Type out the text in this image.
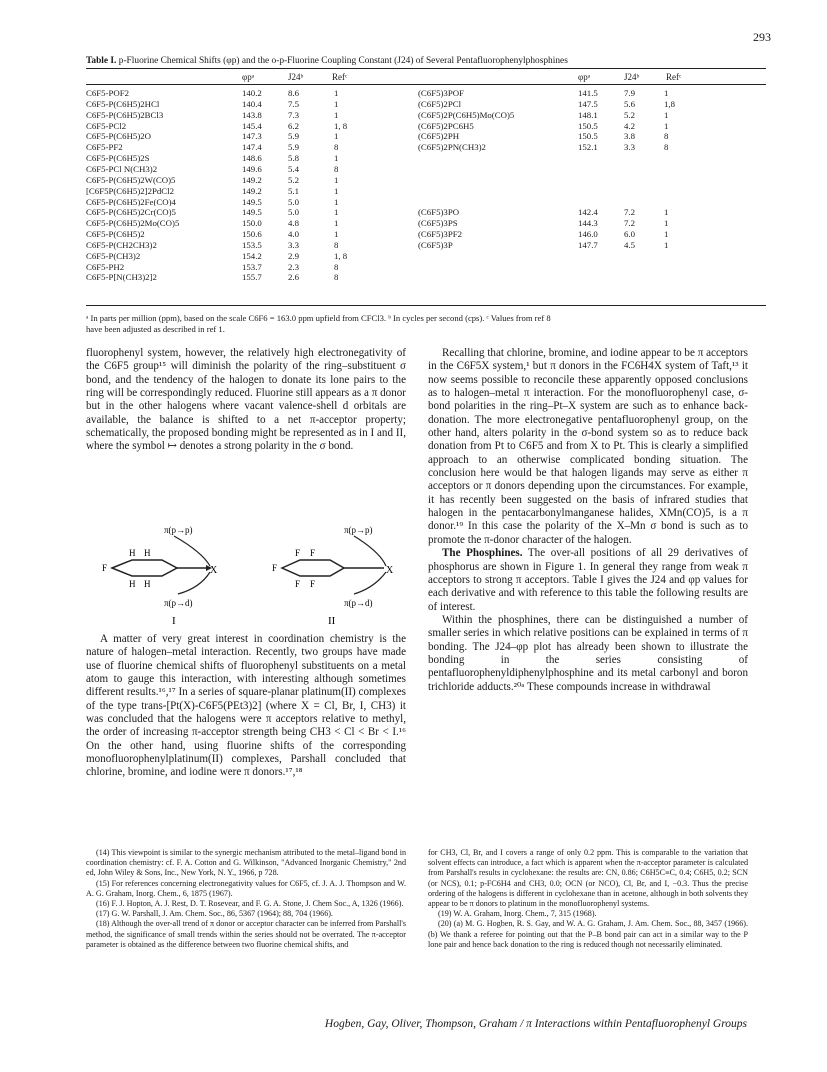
293
Table I. p-Fluorine Chemical Shifts (φp) and the o-p-Fluorine Coupling Constant (J24) of Several Pentafluorophenylphosphines
φpᵃ	J24ᵇ	Refᶜ	φpᵃ	J24ᵇ	Refᶜ
C6F5-POF2	140.2	8.6	1
C6F5-P(C6H5)2HCl	140.4	7.5	1
C6F5-P(C6H5)2BCl3	143.8	7.3	1
C6F5-PCl2	145.4	6.2	1, 8
C6F5-P(C6H5)2O	147.3	5.9	1
C6F5-PF2	147.4	5.9	8
C6F5-P(C6H5)2S	148.6	5.8	1
C6F5-PCl N(CH3)2	149.6	5.4	8
C6F5-P(C6H5)2W(CO)5	149.2	5.2	1
[C6F5P(C6H5)2]2PdCl2	149.2	5.1	1
C6F5-P(C6H5)2Fe(CO)4	149.5	5.0	1
C6F5-P(C6H5)2Cr(CO)5	149.5	5.0	1
C6F5-P(C6H5)2Mo(CO)5	150.0	4.8	1
C6F5-P(C6H5)2	150.6	4.0	1
C6F5-P(CH2CH3)2	153.5	3.3	8
C6F5-P(CH3)2	154.2	2.9	1, 8
C6F5-PH2	153.7	2.3	8
C6F5-P[N(CH3)2]2	155.7	2.6	8
(C6F5)3POF	141.5	7.9	1
(C6F5)2PCl	147.5	5.6	1,8
(C6F5)2P(C6H5)Mo(CO)5	148.1	5.2	1
(C6F5)2PC6H5	150.5	4.2	1
(C6F5)2PH	150.5	3.8	8
(C6F5)2PN(CH3)2	152.1	3.3	8
(C6F5)3PO	142.4	7.2	1
(C6F5)3PS	144.3	7.2	1
(C6F5)3PF2	146.0	6.0	1
(C6F5)3P	147.7	4.5	1
ᵃ In parts per million (ppm), based on the scale C6F6 = 163.0 ppm upfield from CFCl3. ᵇ In cycles per second (cps). ᶜ Values from ref 8
have been adjusted as described in ref 1.

fluorophenyl system, however, the relatively high electronegativity of the C6F5 group¹⁵ will diminish the polarity of the ring–substituent σ bond, and the tendency of the halogen to donate its lone pairs to the ring will be correspondingly reduced. Fluorine still appears as a π donor but in the other halogens where vacant valence-shell d orbitals are available, the balance is shifted to a net π-acceptor property; schematically, the proposed bonding might be represented as in I and II, where the symbol ↦ denotes a strong polarity in the σ bond.

π(p→p)
H H
F	X
H H
π(p→d)
I
π(p→p)
F F
F	X
F F
π(p→d)
II

A matter of very great interest in coordination chemistry is the nature of halogen–metal interaction. Recently, two groups have made use of fluorine chemical shifts of fluorophenyl substituents on a metal atom to gauge this interaction, with interesting although sometimes different results.¹⁶,¹⁷ In a series of square-planar platinum(II) complexes of the type trans-[Pt(X)-C6F5(PEt3)2] (where X = Cl, Br, I, CH3) it was concluded that the halogens were π acceptors relative to methyl, the order of increasing π-acceptor strength being CH3 < Cl < Br < I.¹⁶ On the other hand, using fluorine shifts of the corresponding monofluorophenylplatinum(II) complexes, Parshall concluded that chlorine, bromine, and iodine were π donors.¹⁷,¹⁸

Recalling that chlorine, bromine, and iodine appear to be π acceptors in the C6F5X system,¹ but π donors in the FC6H4X system of Taft,¹³ it now seems possible to reconcile these apparently opposed conclusions as to halogen–metal π interaction. For the monofluorophenyl case, σ-bond polarities in the ring–Pt–X system are such as to enhance back-donation. The more electronegative pentafluorophenyl group, on the other hand, alters polarity in the σ-bond system so as to reduce back donation from Pt to C6F5 and from X to Pt. This is clearly a simplified approach to an otherwise complicated bonding situation. The conclusion here would be that halogen ligands may serve as either π acceptors or π donors depending upon the circumstances. For example, it has recently been suggested on the basis of infrared studies that halogen in the pentacarbonylmanganese halides, XMn(CO)5, is a π donor.¹⁹ In this case the polarity of the X–Mn σ bond is such as to promote the π-donor character of the halogen.

The Phosphines. The over-all positions of all 29 derivatives of phosphorus are shown in Figure 1. In general they range from weak π acceptors to strong π acceptors. Table I gives the J24 and φp values for each derivative and with reference to this table the following results are of interest.

Within the phosphines, there can be distinguished a number of smaller series in which relative positions can be explained in terms of π bonding. The J24–φp plot has already been shown to illustrate the bonding in the series consisting of pentafluorophenyldiphenylphosphine and its metal carbonyl and boron trichloride adducts.²⁰ᵃ These compounds increase in withdrawal

(14) This viewpoint is similar to the synergic mechanism attributed to the metal–ligand bond in coordination chemistry: cf. F. A. Cotton and G. Wilkinson, "Advanced Inorganic Chemistry," 2nd ed, John Wiley & Sons, Inc., New York, N. Y., 1966, p 728.

(15) For references concerning electronegativity values for C6F5, cf. J. A. J. Thompson and W. A. G. Graham, Inorg. Chem., 6, 1875 (1967).

(16) F. J. Hopton, A. J. Rest, D. T. Rosevear, and F. G. A. Stone, J. Chem Soc., A, 1326 (1966).

(17) G. W. Parshall, J. Am. Chem. Soc., 86, 5367 (1964); 88, 704 (1966).

(18) Although the over-all trend of π donor or acceptor character can be inferred from Parshall's method, the significance of small trends within the series should not be overrated. The π-acceptor parameter is obtained as the difference between two fluorine chemical shifts, and

for CH3, Cl, Br, and I covers a range of only 0.2 ppm. This is comparable to the variation that solvent effects can introduce, a fact which is apparent when the π-acceptor parameter is calculated from Parshall's results in cyclohexane: the results are: CN, 0.86; C6H5C≡C, 0.4; C6H5, 0.2; SCN (or NCS), 0.1; p-FC6H4 and CH3, 0.0; OCN (or NCO), Cl, Br, and I, −0.3. Thus the precise ordering of the halogens is different in cyclohexane than in acetone, although in both solvents they appear to be π donors to platinum in the monofluorophenyl systems.

(19) W. A. Graham, Inorg. Chem., 7, 315 (1968).

(20) (a) M. G. Hogben, R. S. Gay, and W. A. G. Graham, J. Am. Chem. Soc., 88, 3457 (1966). (b) We thank a referee for pointing out that the P–B bond pair can act in a similar way to the P lone pair and hence back donation to the ring is reduced though not necessarily eliminated.

Hogben, Gay, Oliver, Thompson, Graham / π Interactions within Pentafluorophenyl Groups
